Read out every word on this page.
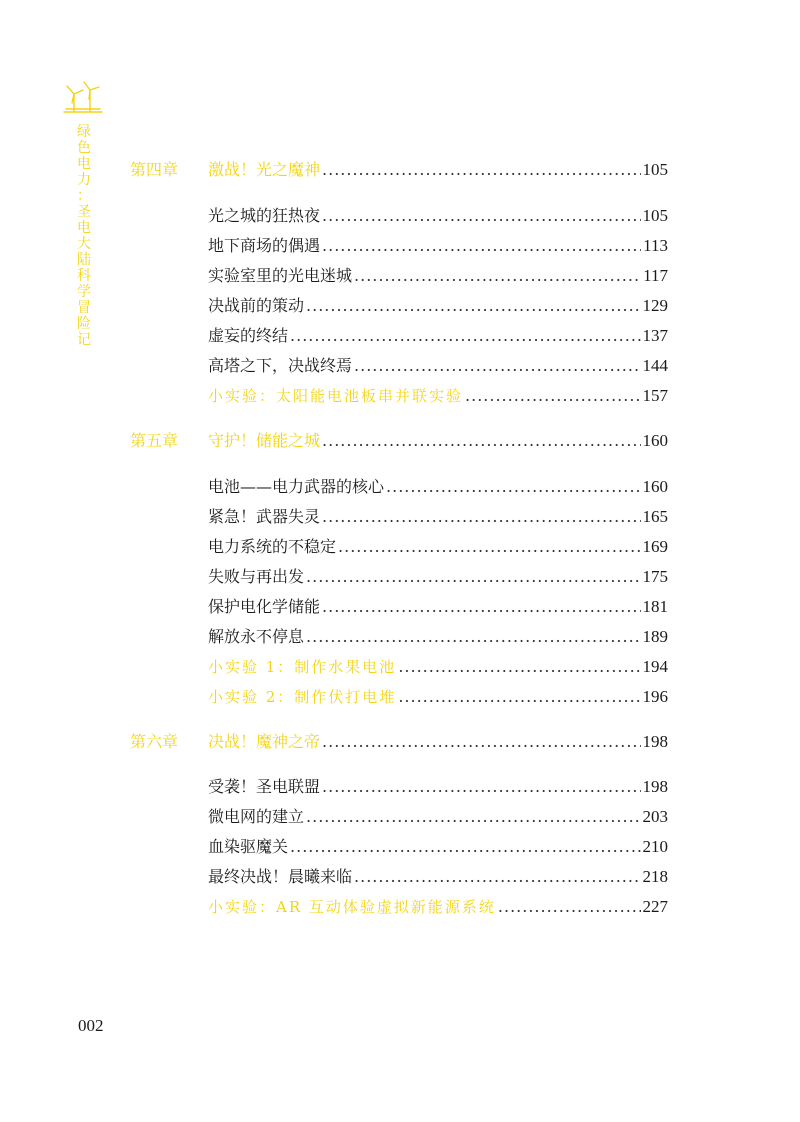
绿
色
电
力
：
圣
电
大
陆
科
学
冒
险
记
第四章	激战！光之魔神 .....	105
光之城的狂热夜 .....	105
地下商场的偶遇 .....	113
实验室里的光电迷城 .....	117
决战前的策动 .....	129
虚妄的终结 .....	137
高塔之下，决战终焉 .....	144
小实验：太阳能电池板串并联实验 .....	157
第五章	守护！储能之城 .....	160
电池——电力武器的核心 .....	160
紧急！武器失灵 .....	165
电力系统的不稳定 .....	169
失败与再出发 .....	175
保护电化学储能 .....	181
解放永不停息 .....	189
小实验 1：制作水果电池 .....	194
小实验 2：制作伏打电堆 .....	196
第六章	决战！魔神之帝 .....	198
受袭！圣电联盟 .....	198
微电网的建立 .....	203
血染驱魔关 .....	210
最终决战！晨曦来临 .....	218
小实验：AR 互动体验虚拟新能源系统 .....	227
002
